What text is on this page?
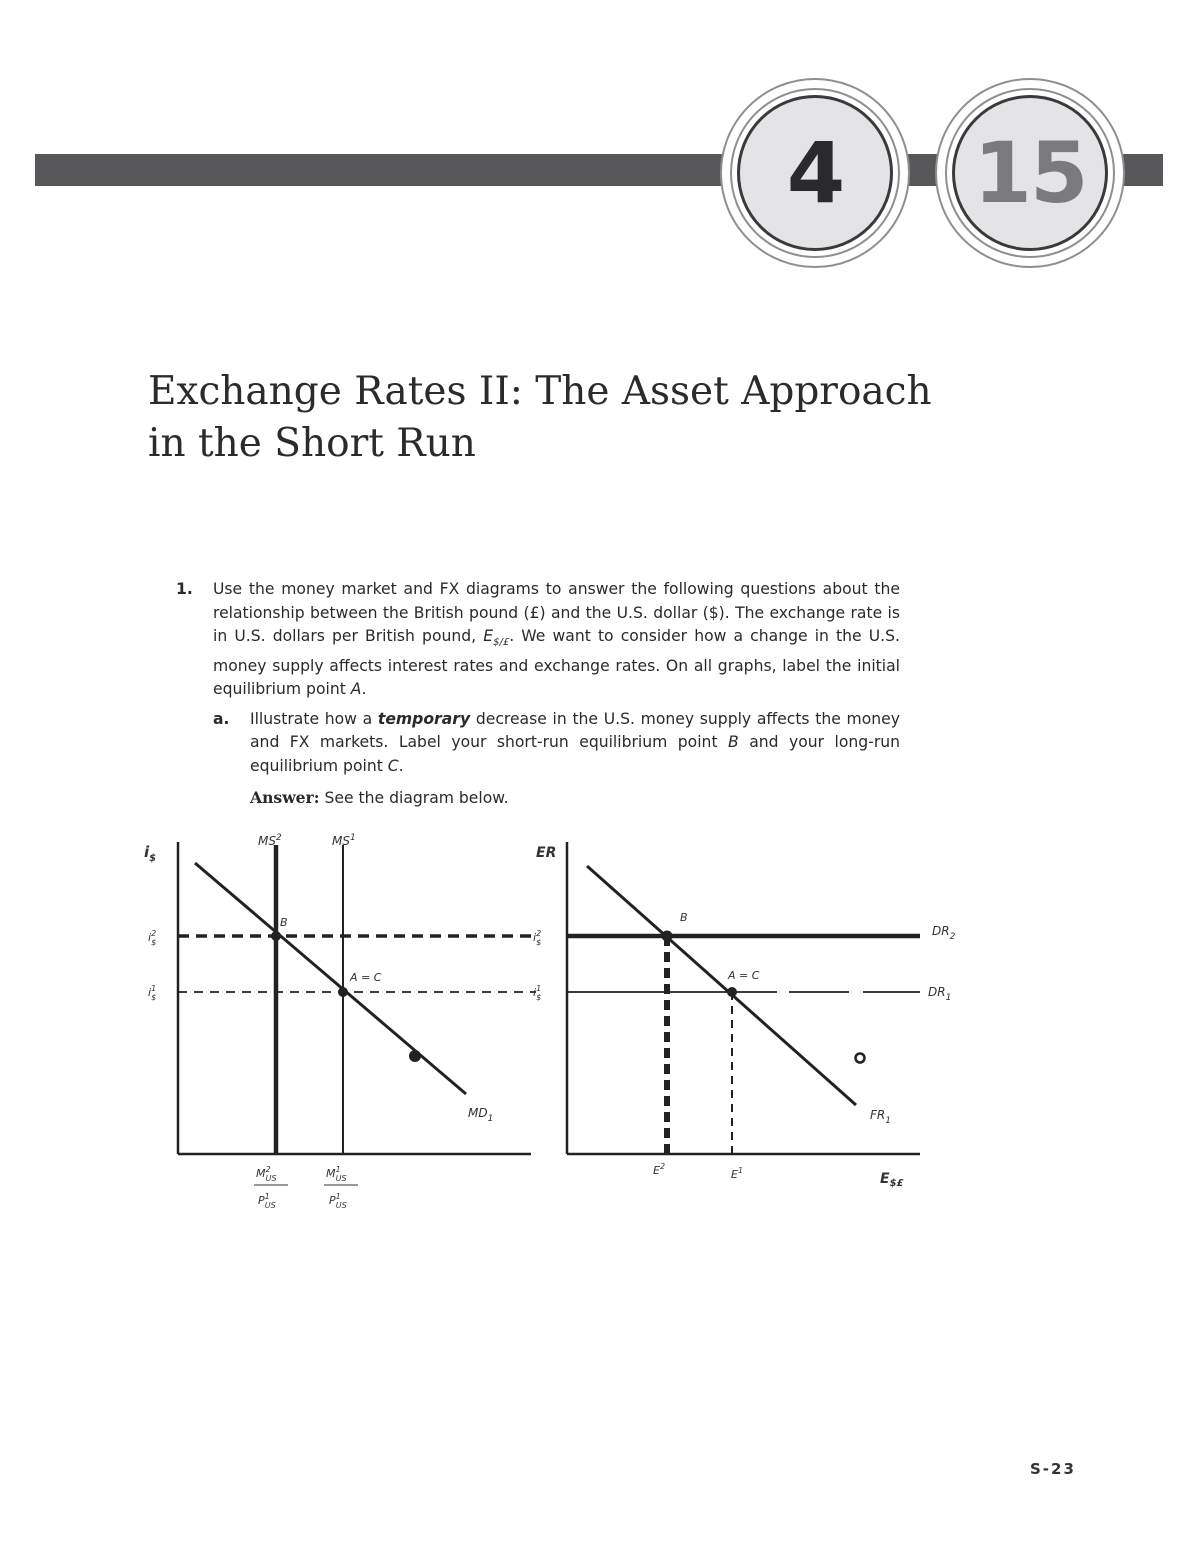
4	15
Exchange Rates II: The Asset Approach
in the Short Run
1. Use the money market and FX diagrams to answer the following questions about the relationship between the British pound (£) and the U.S. dollar ($). The exchange rate is in U.S. dollars per British pound, $E_{\$/£}$. We want to consider how a change in the U.S. money supply affects interest rates and exchange rates. On all graphs, label the initial equilibrium point A.
a. Illustrate how a temporary decrease in the U.S. money supply affects the money and FX markets. Label your short-run equilibrium point B and your long-run equilibrium point C.
Answer: See the diagram below.
$i_{\$}$
$MS^2$	$MS^1$
$MD_1$
$i^2$ $
$i^1$ $
B
A = C
$M^2$ US
$P^1$ US
$M^1$ US
$P^1$ US
ER
$DR_2$
$DR_1$
$FR_1$
$i^2$ $
$i^1$ $
B
A = C
$E^2$
$E^1$
$E_{\$£}$
S-23
